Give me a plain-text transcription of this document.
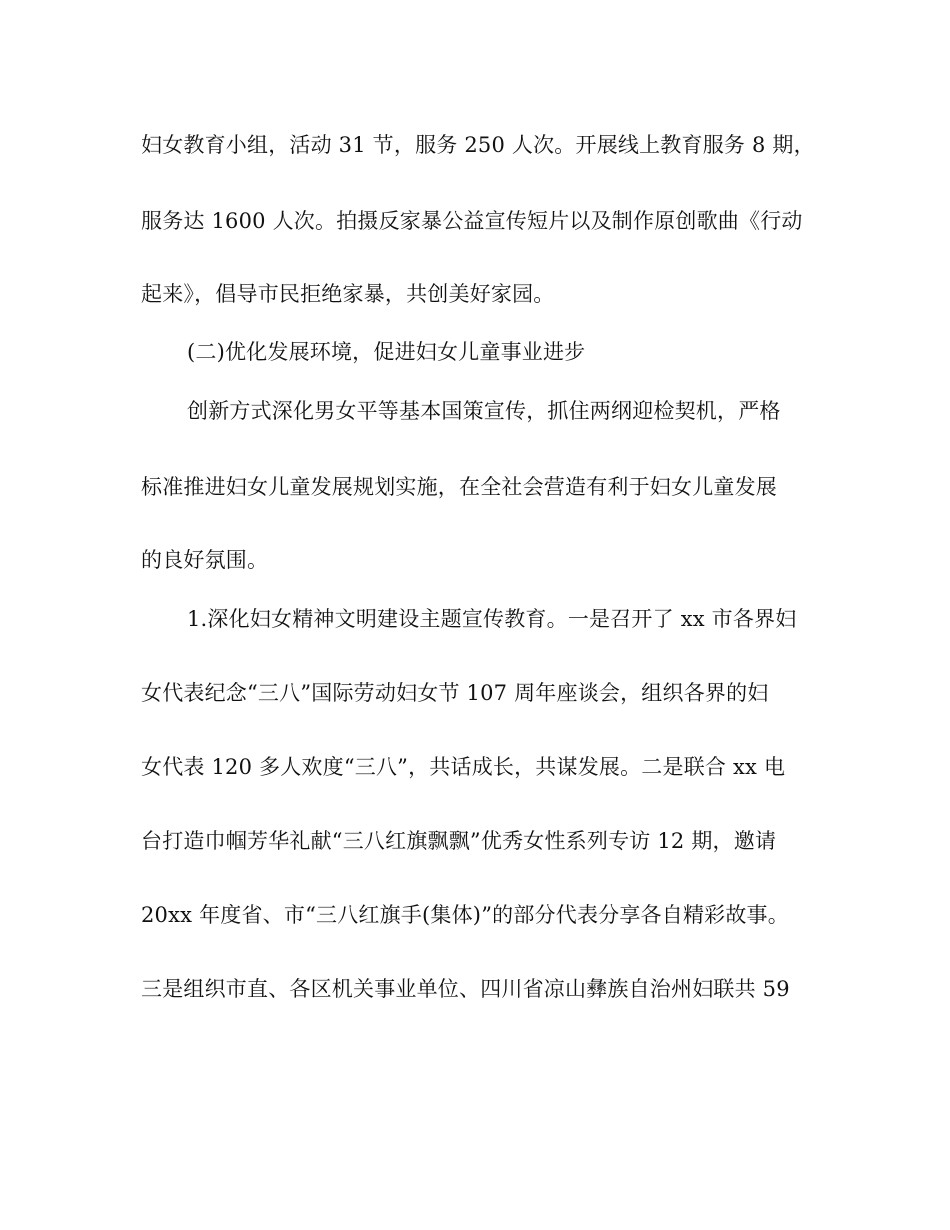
妇女教育小组，活动 31 节，服务 250 人次。开展线上教育服务 8 期，
服务达 1600 人次。拍摄反家暴公益宣传短片以及制作原创歌曲《行动
起来》，倡导市民拒绝家暴，共创美好家园。
(二)优化发展环境，促进妇女儿童事业进步
创新方式深化男女平等基本国策宣传，抓住两纲迎检契机，严格
标准推进妇女儿童发展规划实施，在全社会营造有利于妇女儿童发展
的良好氛围。
1.深化妇女精神文明建设主题宣传教育。一是召开了 xx 市各界妇
女代表纪念“三八”国际劳动妇女节 107 周年座谈会，组织各界的妇
女代表 120 多人欢度“三八”，共话成长，共谋发展。二是联合 xx 电
台打造巾帼芳华礼献“三八红旗飘飘”优秀女性系列专访 12 期，邀请
20xx 年度省、市“三八红旗手(集体)”的部分代表分享各自精彩故事。
三是组织市直、各区机关事业单位、四川省凉山彝族自治州妇联共 59
